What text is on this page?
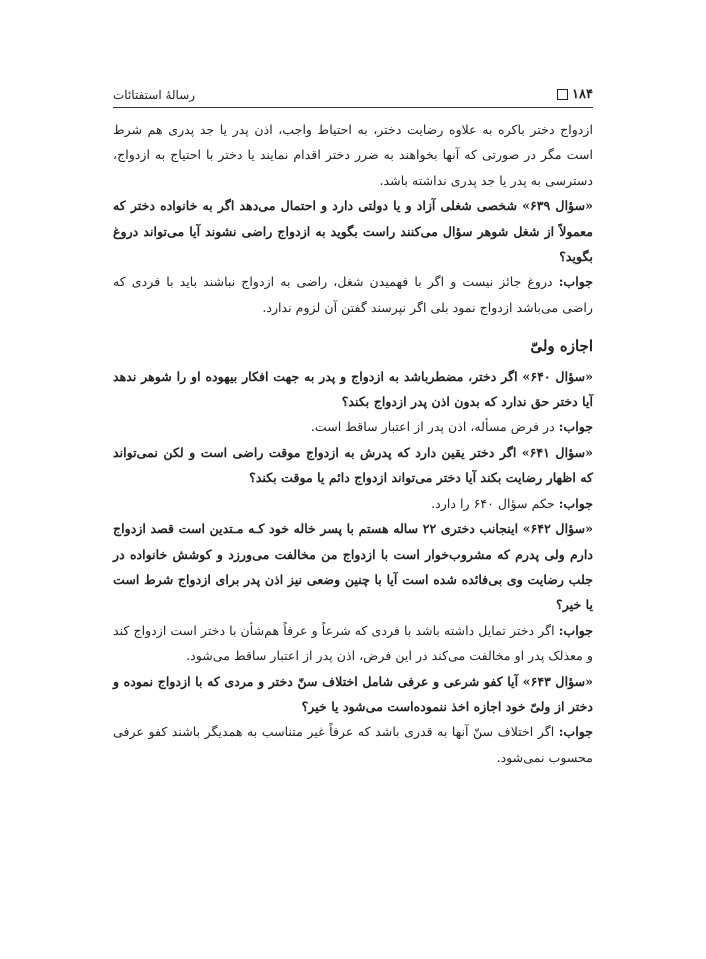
۱۸۴
رسالهٔ استفتائات

ازدواج دختر باکره به علاوه رضایت دختر، به احتیاط واجب، اذن پدر یا جد پدری هم شرط است مگر در صورتی که آنها بخواهند به ضرر دختر اقدام نمایند یا دختر با احتیاج به ازدواج، دسترسی به پدر یا جد پدری نداشته باشد.

«سؤال ۶۳۹» شخصی شغلی آزاد و یا دولتی دارد و احتمال می‌دهد اگر به خانواده دختر که معمولاً از شغل شوهر سؤال می‌کنند راست بگوید به ازدواج راضی نشوند آیا می‌تواند دروغ بگوید؟

جواب: دروغ جائز نیست و اگر با فهمیدن شغل، راضی به ازدواج نباشند باید با فردی که راضی می‌باشد ازدواج نمود بلی اگر نپرسند گفتن آن لزوم ندارد.

اجازه ولیّ

«سؤال ۶۴۰» اگر دختر، مضطرباشد به ازدواج و پدر به جهت افکار بیهوده او را شوهر ندهد آیا دختر حق ندارد که بدون اذن پدر ازدواج بکند؟

جواب: در فرض مسأله، اذن پدر از اعتبار ساقط است.

«سؤال ۶۴۱» اگر دختر یقین دارد که پدرش به ازدواج موقت راضی است و لکن نمی‌تواند که اظهار رضایت بکند آیا دختر می‌تواند ازدواج دائم یا موقت بکند؟

جواب: حکم سؤال ۶۴۰ را دارد.

«سؤال ۶۴۲» اینجانب دختری ۲۲ ساله هستم با پسر خاله خود کـه مـتدین است قصد ازدواج دارم ولی پدرم که مشروب‌خوار است با ازدواج من مخالفت می‌ورزد و کوشش خانواده در جلب رضایت وی بی‌فائده شده است آیا با چنین وضعی نیز اذن پدر برای ازدواج شرط است یا خیر؟

جواب: اگر دختر تمایل داشته باشد با فردی که شرعاً و عرفاً هم‌شأن با دختر است ازدواج کند و معذلک پدر او مخالفت می‌کند در این فرض، اذن پدر از اعتبار ساقط می‌شود.

«سؤال ۶۴۳» آیا کفو شرعی و عرفی شامل اختلاف سنّ دختر و مردی که با ازدواج نموده و دختر از ولیّ خود اجازه اخذ ننموده‌است می‌شود یا خیر؟

جواب: اگر اختلاف سنّ آنها به قدری باشد که عرفاً غیر متناسب به همدیگر باشند کفو عرفی محسوب نمی‌شود.
